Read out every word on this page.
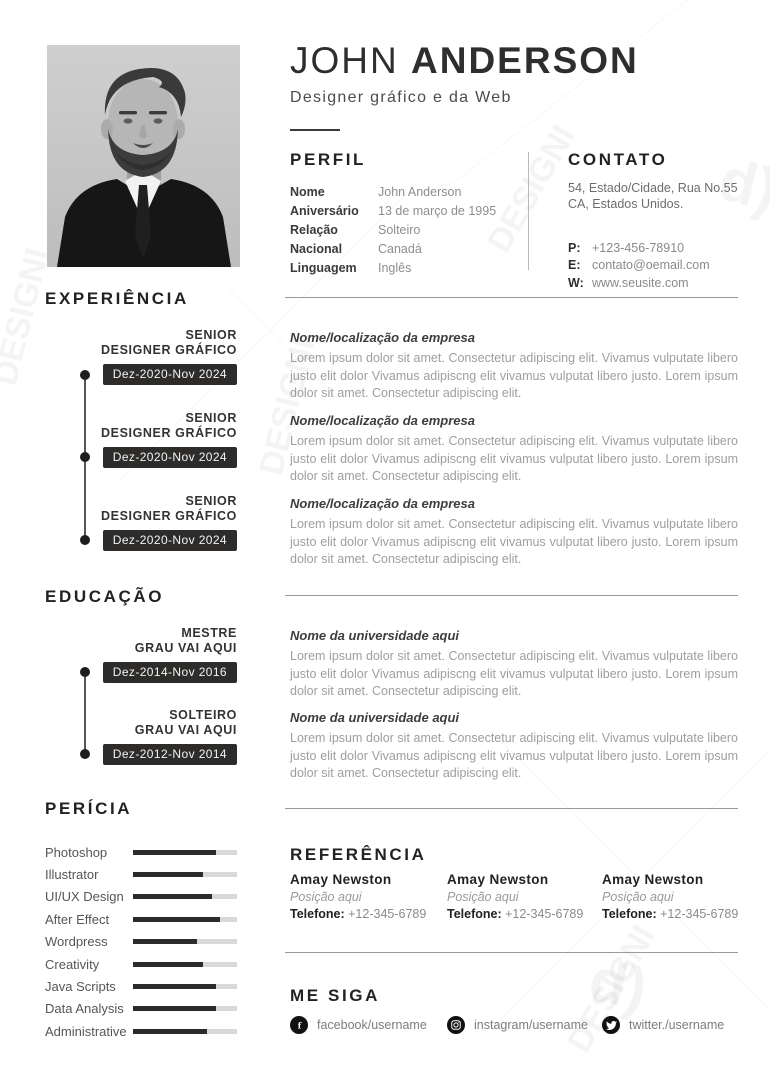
JOHN ANDERSON
Designer gráfico e da Web
PERFIL
Nome	John Anderson
Aniversário	13 de março de 1995
Relação	Solteiro
Nacional	Canadá
Linguagem	Inglês
CONTATO
54, Estado/Cidade, Rua No.55
CA, Estados Unidos.
P: +123-456-78910
E: contato@oemail.com
W: www.seusite.com
EXPERIÊNCIA
SENIOR
DESIGNER GRÁFICO
Dez-2020-Nov 2024
Nome/localização da empresa
Lorem ipsum dolor sit amet. Consectetur adipiscing elit. Vivamus vulputate libero justo elit dolor Vivamus adipiscng elit vivamus vulputat libero justo. Lorem ipsum dolor sit amet. Consectetur adipiscing elit.
SENIOR
DESIGNER GRÁFICO
Dez-2020-Nov 2024
Nome/localização da empresa
Lorem ipsum dolor sit amet. Consectetur adipiscing elit. Vivamus vulputate libero justo elit dolor Vivamus adipiscng elit vivamus vulputat libero justo. Lorem ipsum dolor sit amet. Consectetur adipiscing elit.
SENIOR
DESIGNER GRÁFICO
Dez-2020-Nov 2024
Nome/localização da empresa
Lorem ipsum dolor sit amet. Consectetur adipiscing elit. Vivamus vulputate libero justo elit dolor Vivamus adipiscng elit vivamus vulputat libero justo. Lorem ipsum dolor sit amet. Consectetur adipiscing elit.
EDUCAÇÃO
MESTRE
GRAU VAI AQUI
Dez-2014-Nov 2016
Nome da universidade aqui
Lorem ipsum dolor sit amet. Consectetur adipiscing elit. Vivamus vulputate libero justo elit dolor Vivamus adipiscng elit vivamus vulputat libero justo. Lorem ipsum dolor sit amet. Consectetur adipiscing elit.
SOLTEIRO
GRAU VAI AQUI
Dez-2012-Nov 2014
Nome da universidade aqui
Lorem ipsum dolor sit amet. Consectetur adipiscing elit. Vivamus vulputate libero justo elit dolor Vivamus adipiscng elit vivamus vulputat libero justo. Lorem ipsum dolor sit amet. Consectetur adipiscing elit.
PERÍCIA
Photoshop
Illustrator
UI/UX Design
After Effect
Wordpress
Creativity
Java Scripts
Data Analysis
Administrative
REFERÊNCIA
Amay Newston
Posição aqui
Telefone: +12-345-6789
Amay Newston
Posição aqui
Telefone: +12-345-6789
Amay Newston
Posição aqui
Telefone: +12-345-6789
ME SIGA
f facebook/username	instagram/username	twitter./username
